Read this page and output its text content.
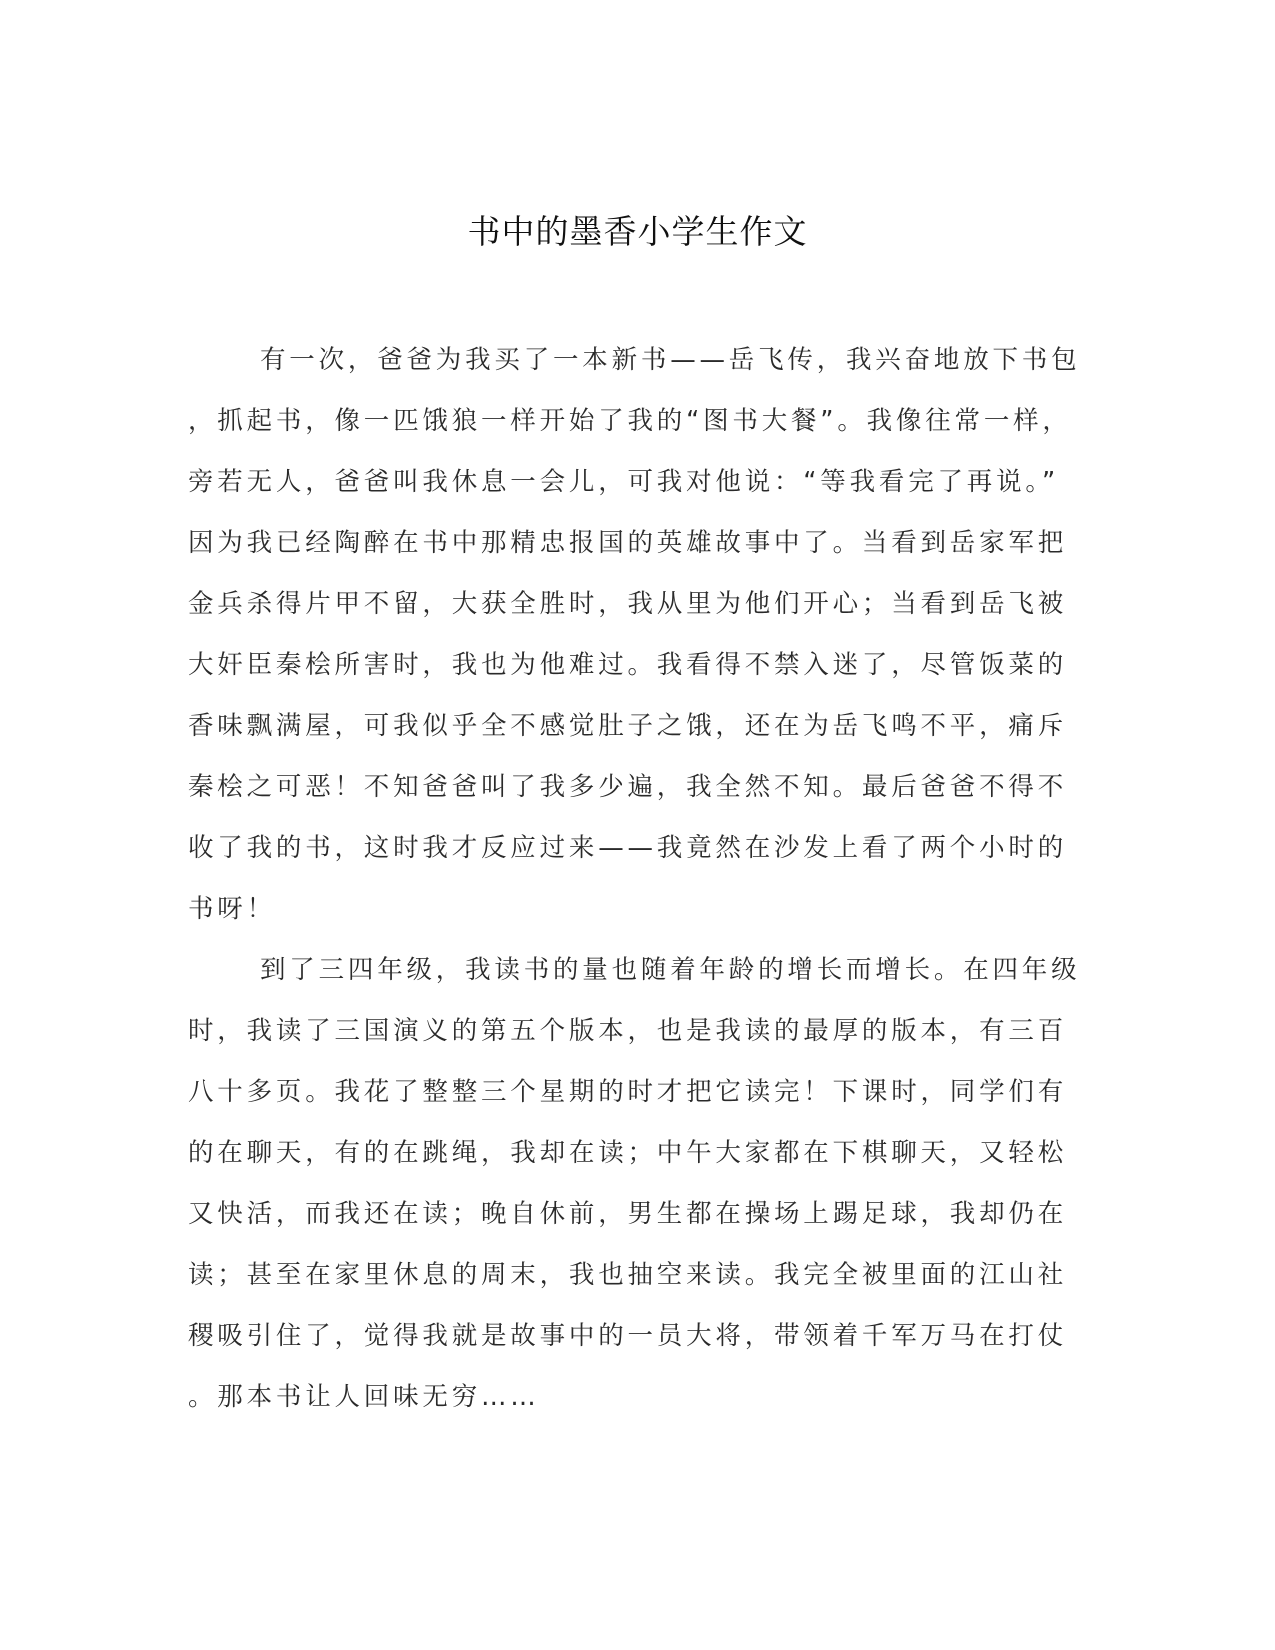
书中的墨香小学生作文
有一次，爸爸为我买了一本新书——岳飞传，我兴奋地放下书包
，抓起书，像一匹饿狼一样开始了我的“图书大餐”。我像往常一样，
旁若无人，爸爸叫我休息一会儿，可我对他说：“等我看完了再说。”
因为我已经陶醉在书中那精忠报国的英雄故事中了。当看到岳家军把
金兵杀得片甲不留，大获全胜时，我从里为他们开心；当看到岳飞被
大奸臣秦桧所害时，我也为他难过。我看得不禁入迷了，尽管饭菜的
香味飘满屋，可我似乎全不感觉肚子之饿，还在为岳飞鸣不平，痛斥
秦桧之可恶！不知爸爸叫了我多少遍，我全然不知。最后爸爸不得不
收了我的书，这时我才反应过来——我竟然在沙发上看了两个小时的
书呀！
到了三四年级，我读书的量也随着年龄的增长而增长。在四年级
时，我读了三国演义的第五个版本，也是我读的最厚的版本，有三百
八十多页。我花了整整三个星期的时才把它读完！下课时，同学们有
的在聊天，有的在跳绳，我却在读；中午大家都在下棋聊天，又轻松
又快活，而我还在读；晚自休前，男生都在操场上踢足球，我却仍在
读；甚至在家里休息的周末，我也抽空来读。我完全被里面的江山社
稷吸引住了，觉得我就是故事中的一员大将，带领着千军万马在打仗
。那本书让人回味无穷……
